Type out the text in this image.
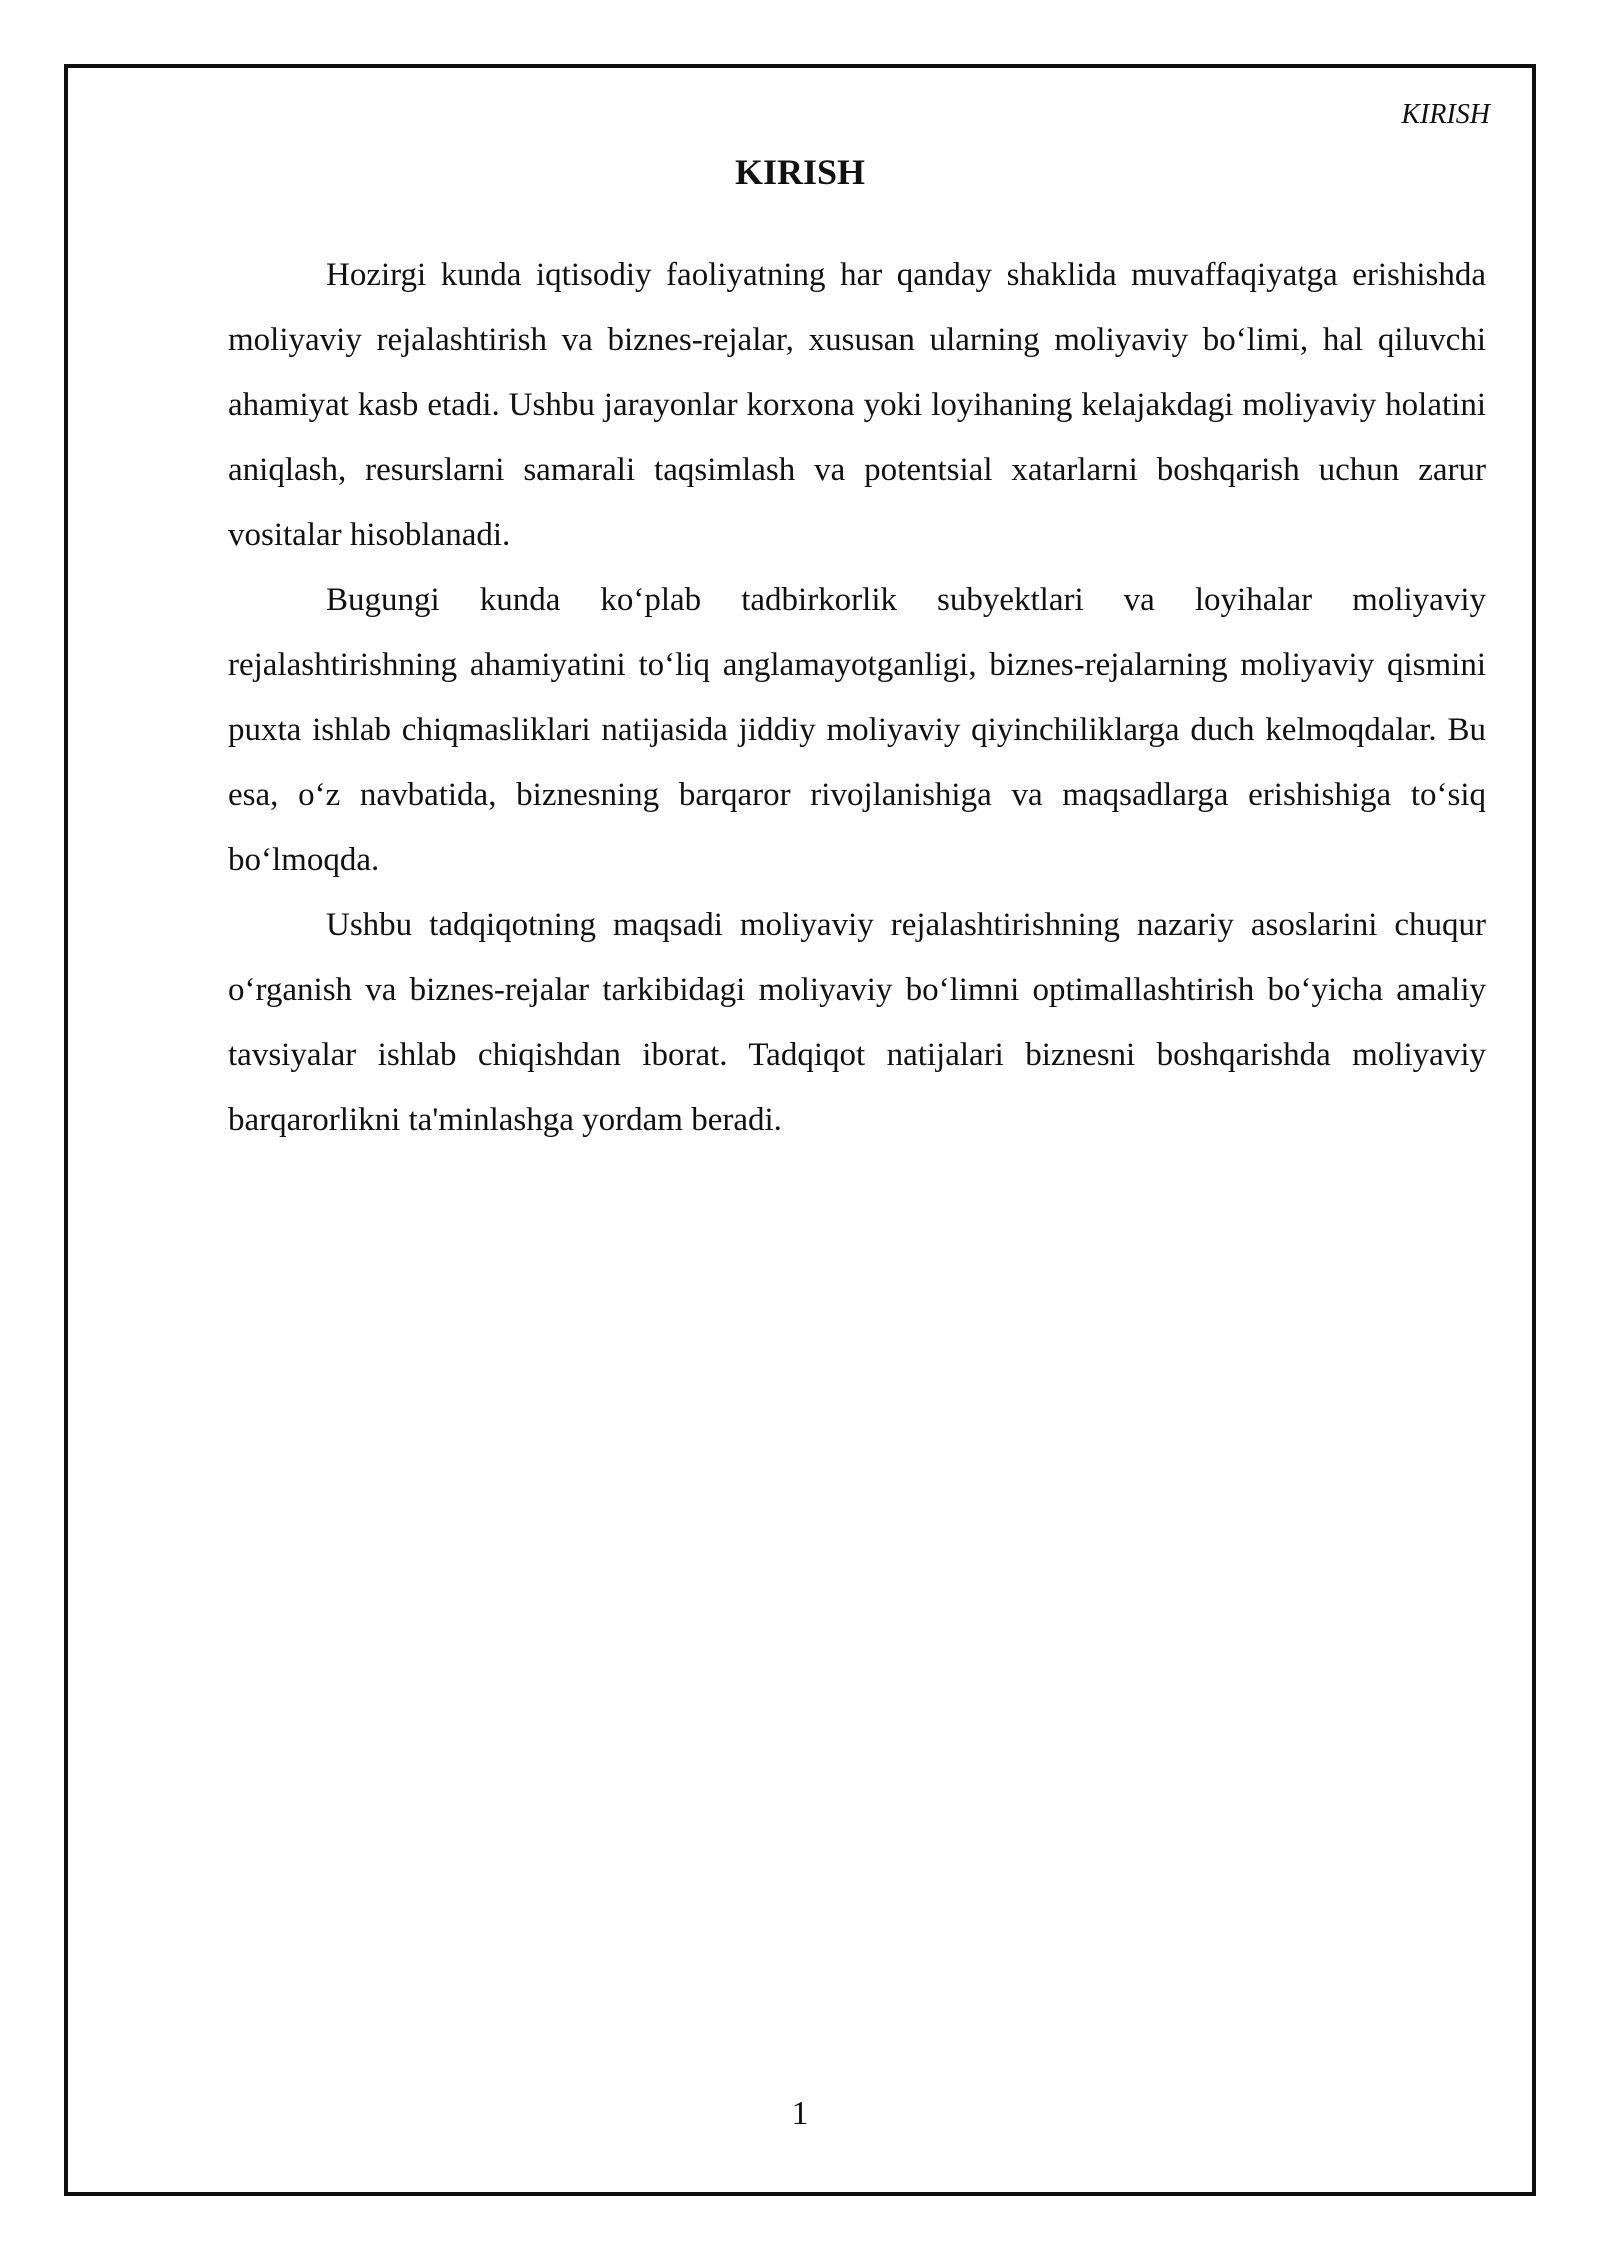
KIRISH
KIRISH

Hozirgi kunda iqtisodiy faoliyatning har qanday shaklida muvaffaqiyatga erishishda moliyaviy rejalashtirish va biznes-rejalar, xususan ularning moliyaviy bo‘limi, hal qiluvchi ahamiyat kasb etadi. Ushbu jarayonlar korxona yoki loyihaning kelajakdagi moliyaviy holatini aniqlash, resurslarni samarali taqsimlash va potentsial xatarlarni boshqarish uchun zarur vositalar hisoblanadi.

Bugungi kunda ko‘plab tadbirkorlik subyektlari va loyihalar moliyaviy rejalashtirishning ahamiyatini to‘liq anglamayotganligi, biznes-rejalarning moliyaviy qismini puxta ishlab chiqmasliklari natijasida jiddiy moliyaviy qiyinchiliklarga duch kelmoqdalar. Bu esa, o‘z navbatida, biznesning barqaror rivojlanishiga va maqsadlarga erishishiga to‘siq bo‘lmoqda.

Ushbu tadqiqotning maqsadi moliyaviy rejalashtirishning nazariy asoslarini chuqur o‘rganish va biznes-rejalar tarkibidagi moliyaviy bo‘limni optimallashtirish bo‘yicha amaliy tavsiyalar ishlab chiqishdan iborat. Tadqiqot natijalari biznesni boshqarishda moliyaviy barqarorlikni ta'minlashga yordam beradi.

1
